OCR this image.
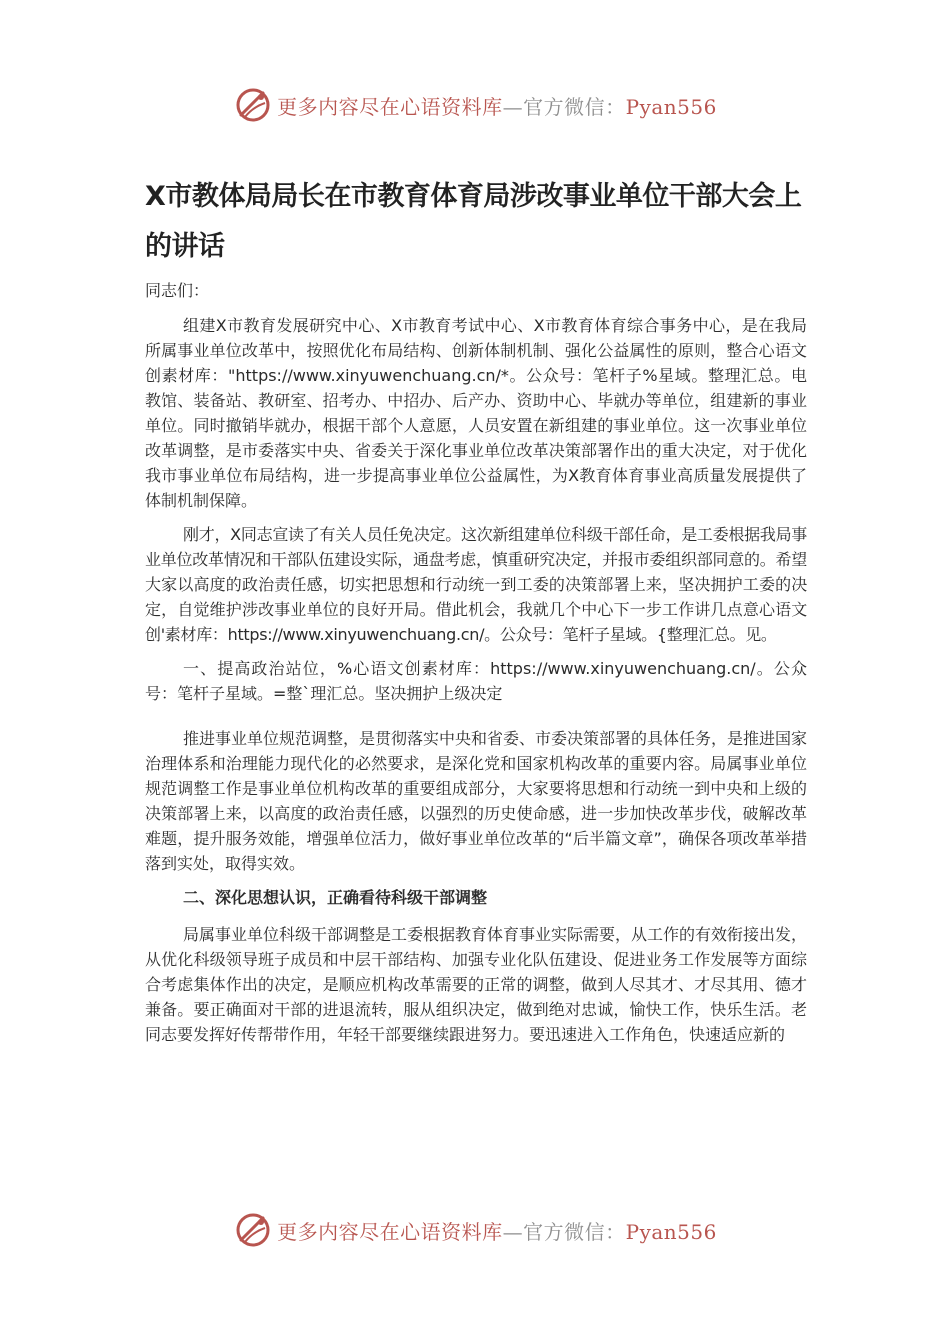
更多内容尽在心语资料库—官方微信：Pyan556
X市教体局局长在市教育体育局涉改事业单位干部大会上的讲话
同志们：

组建X市教育发展研究中心、X市教育考试中心、X市教育体育综合事务中心，是在我局所属事业单位改革中，按照优化布局结构、创新体制机制、强化公益属性的原则，整合心语文创素材库："https://www.xinyuwenchuang.cn/*。公众号：笔杆子%星域。整理汇总。电教馆、装备站、教研室、招考办、中招办、后产办、资助中心、毕就办等单位，组建新的事业单位。同时撤销毕就办，根据干部个人意愿，人员安置在新组建的事业单位。这一次事业单位改革调整，是市委落实中央、省委关于深化事业单位改革决策部署作出的重大决定，对于优化我市事业单位布局结构，进一步提高事业单位公益属性，为X教育体育事业高质量发展提供了体制机制保障。

刚才，X同志宣读了有关人员任免决定。这次新组建单位科级干部任命，是工委根据我局事业单位改革情况和干部队伍建设实际，通盘考虑，慎重研究决定，并报市委组织部同意的。希望大家以高度的政治责任感，切实把思想和行动统一到工委的决策部署上来，坚决拥护工委的决定，自觉维护涉改事业单位的良好开局。借此机会，我就几个中心下一步工作讲几点意心语文创'素材库：https://www.xinyuwenchuang.cn/。公众号：笔杆子星域。{整理汇总。见。

一、提高政治站位，%心语文创素材库：https://www.xinyuwenchuang.cn/。公众号：笔杆子星域。=整`理汇总。坚决拥护上级决定

推进事业单位规范调整，是贯彻落实中央和省委、市委决策部署的具体任务，是推进国家治理体系和治理能力现代化的必然要求，是深化党和国家机构改革的重要内容。局属事业单位规范调整工作是事业单位机构改革的重要组成部分，大家要将思想和行动统一到中央和上级的决策部署上来，以高度的政治责任感，以强烈的历史使命感，进一步加快改革步伐，破解改革难题，提升服务效能，增强单位活力，做好事业单位改革的“后半篇文章”，确保各项改革举措落到实处，取得实效。

二、深化思想认识，正确看待科级干部调整

局属事业单位科级干部调整是工委根据教育体育事业实际需要，从工作的有效衔接出发，从优化科级领导班子成员和中层干部结构、加强专业化队伍建设、促进业务工作发展等方面综合考虑集体作出的决定，是顺应机构改革需要的正常的调整，做到人尽其才、才尽其用、德才兼备。要正确面对干部的进退流转，服从组织决定，做到绝对忠诚，愉快工作，快乐生活。老同志要发挥好传帮带作用，年轻干部要继续跟进努力。要迅速进入工作角色，快速适应新的

更多内容尽在心语资料库—官方微信：Pyan556
